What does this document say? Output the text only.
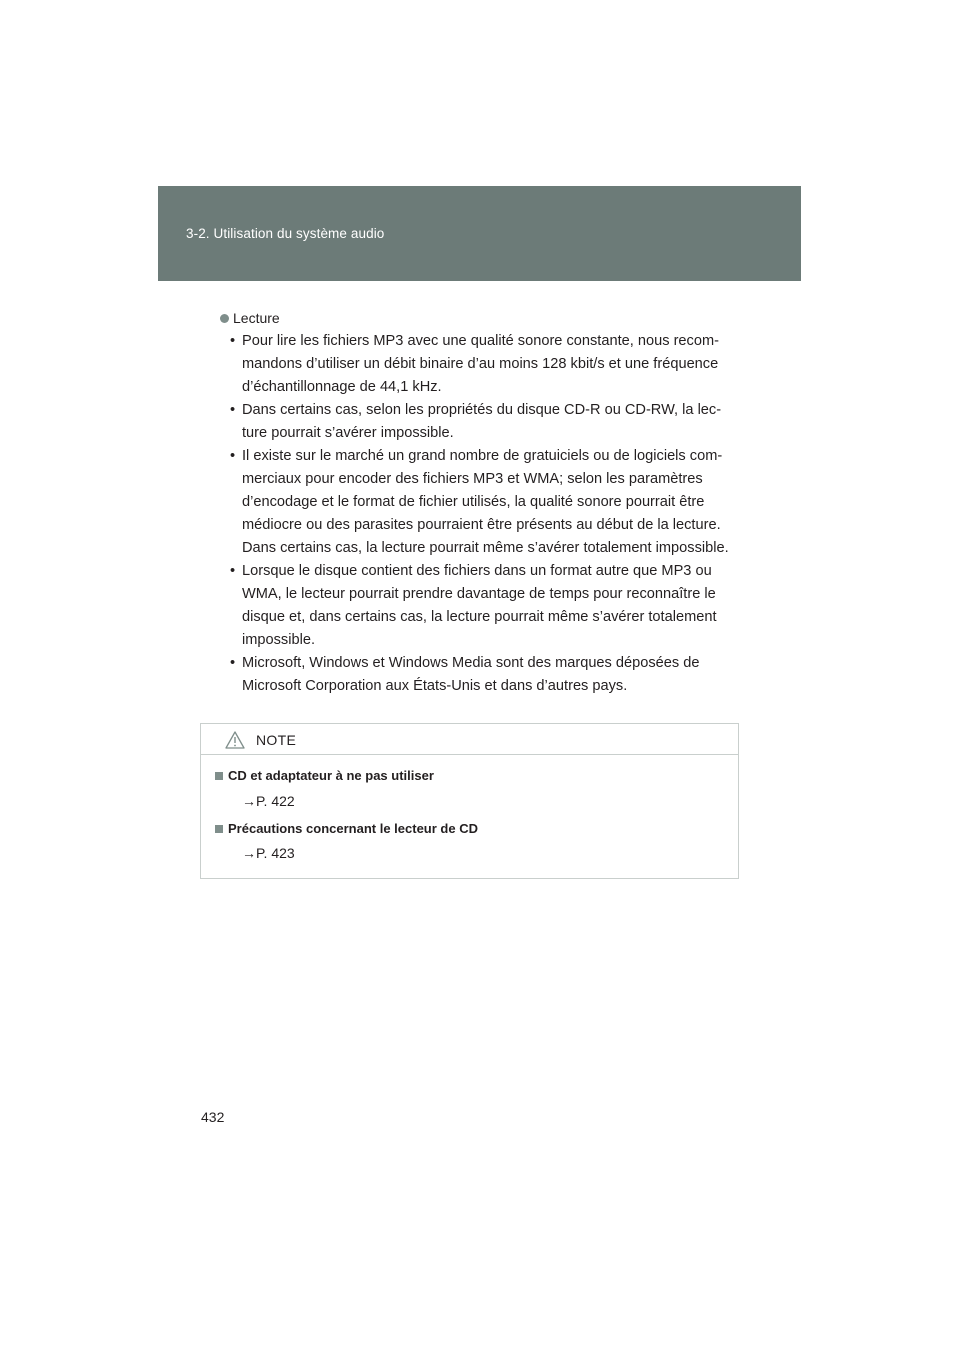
3-2. Utilisation du système audio
Lecture
• Pour lire les fichiers MP3 avec une qualité sonore constante, nous recom-
mandons d’utiliser un débit binaire d’au moins 128 kbit/s et une fréquence
d’échantillonnage de 44,1 kHz.
• Dans certains cas, selon les propriétés du disque CD-R ou CD-RW, la lec-
ture pourrait s’avérer impossible.
• Il existe sur le marché un grand nombre de gratuiciels ou de logiciels com-
merciaux pour encoder des fichiers MP3 et WMA; selon les paramètres
d’encodage et le format de fichier utilisés, la qualité sonore pourrait être
médiocre ou des parasites pourraient être présents au début de la lecture.
Dans certains cas, la lecture pourrait même s’avérer totalement impossible.
• Lorsque le disque contient des fichiers dans un format autre que MP3 ou
WMA, le lecteur pourrait prendre davantage de temps pour reconnaître le
disque et, dans certains cas, la lecture pourrait même s’avérer totalement
impossible.
• Microsoft, Windows et Windows Media sont des marques déposées de
Microsoft Corporation aux États-Unis et dans d’autres pays.
NOTE
CD et adaptateur à ne pas utiliser
→P. 422
Précautions concernant le lecteur de CD
→P. 423
432
